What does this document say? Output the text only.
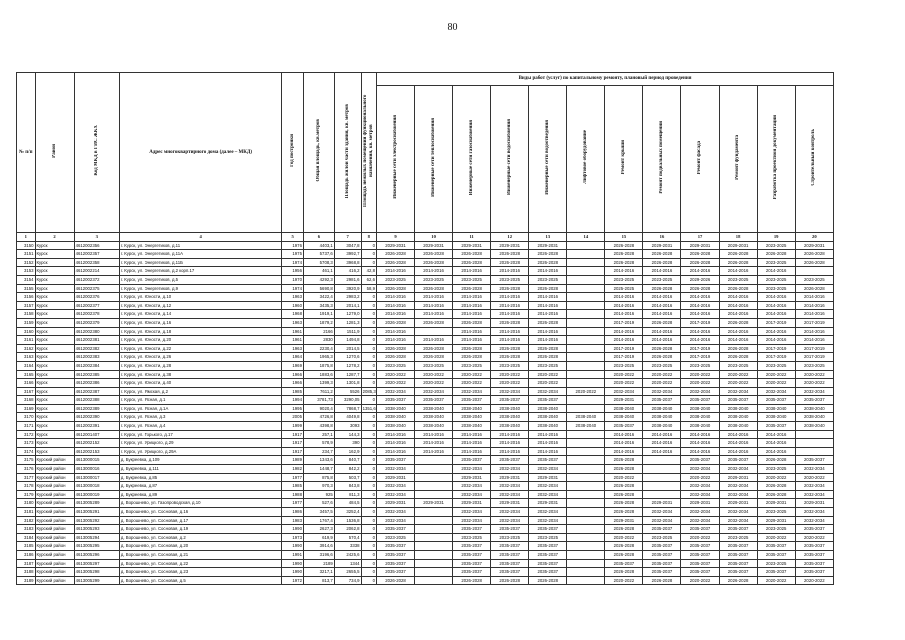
80
№ п/п	Район	Код МКД в ГИС ЖКХ	Адрес многоквартирного дома (далее – МКД)	Год постройки	Общая площадь, кв.метров	Площадь жилой части здания, кв. метров	Площадь нежилых помещений функционального назначения, кв. метров	Виды работ (услуг) по капитальному ремонту, плановый период проведения											
								Инженерные сети электроснабжения	Инженерные сети теплоснабжения	Инженерные сети газоснабжения	Инженерные сети водоснабжения	Инженерные сети водоотведения	Лифтовое оборудование	Ремонт крыши	Ремонт подвальных помещений	Ремонт фасада	Ремонт фундамента	Разработка проектной документации	Строительный контроль
1	2	3	4	5	6	7	8	9	10	11	12	13	14	15	16	17	18	19	20
3150	Курск	4612002356	г. Курск, ул. Энергетиков, д.11	1976	4403,1	3047,8	0	2029-2031	2029-2031	2029-2031	2029-2031	2029-2031		2026-2028	2029-2031	2029-2031	2029-2031	2023-2025	2029-2031
3151	Курск	4612002357	г. Курск, ул. Энергетиков, д.11А	1975	5737,6	3992,7	0	2026-2028	2026-2028	2026-2028	2026-2028	2026-2028		2026-2028	2026-2028	2026-2028	2026-2028	2026-2028	2026-2028
3152	Курск	4612002358	г. Курск, ул. Энергетиков, д.11Б	1974	5708,3	3968,8	0	2026-2028	2026-2028	2026-2028	2026-2028	2026-2028		2026-2028	2026-2028	2026-2028	2026-2028	2023-2025	2026-2028
3153	Курск	4612002214	г. Курск, ул. Энергетиков, д.2 корп.17	1956	461,1	416,2	42,8	2014-2016	2014-2016	2014-2016	2014-2016	2014-2016		2014-2016	2014-2016	2014-2016	2014-2016	2014-2016	
3154	Курск	4612002372	г. Курск, ул. Энергетиков, д.5	1970	4292,3	2981,6	62,6	2023-2025	2023-2025	2023-2025	2023-2025	2023-2025		2023-2025	2023-2025	2029-2026	2023-2025	2023-2025	2023-2025
3155	Курск	4612002375	г. Курск, ул. Энергетиков, д.9	1974	5690,8	3920,9	58,9	2026-2028	2026-2028	2026-2028	2026-2028	2026-2028		2025-2025	2026-2028	2026-2028	2026-2028	2023-2025	2026-2028
3156	Курск	4612002376	г. Курск, ул. Юности, д.10	1963	3422,4	2983,2	0	2014-2016	2014-2016	2014-2016	2014-2016	2014-2016		2014-2016	2014-2016	2014-2016	2014-2016	2014-2016	2014-2016
3157	Курск	4612002377	г. Курск, ул. Юности, д.12	1960	3435,3	2014,1	0	2014-2016	2014-2016	2014-2016	2014-2016	2014-2016		2014-2016	2014-2016	2014-2016	2014-2016	2014-2016	2014-2016
3158	Курск	4612002378	г. Курск, ул. Юности, д.14	1968	1919,1	1279,0	0	2014-2016	2014-2016	2014-2016	2014-2016	2014-2016		2014-2016	2014-2016	2014-2016	2014-2016	2014-2016	2014-2016
3159	Курск	4612002379	г. Курск, ул. Юности, д.16	1963	1879,2	1281,3	0	2026-2028	2026-2028	2026-2028	2026-2028	2026-2028		2017-2019	2026-2028	2017-2019	2026-2028	2017-2019	2017-2019
3160	Курск	4612002380	г. Курск, ул. Юности, д.18	1961	2166	1511,9	0	2014-2016		2014-2016	2014-2016	2014-2016		2014-2016	2014-2016	2014-2016	2014-2016	2014-2016	2014-2016
3161	Курск	4612002381	г. Курск, ул. Юности, д.20	1961	2830	1494,8	0	2014-2016	2014-2016	2014-2016	2014-2016	2014-2016		2014-2016	2014-2016	2014-2016	2014-2016	2014-2016	2014-2016
3162	Курск	4612002382	г. Курск, ул. Юности, д.22	1963	2230,4	2014,5	0	2026-2028	2026-2028	2026-2028	2026-2028	2026-2028		2017-2019	2026-2028	2017-2019	2026-2028	2017-2019	2017-2019
3163	Курск	4612002383	г. Курск, ул. Юности, д.26	1964	1965,3	1270,6	0	2026-2028	2026-2028	2026-2028	2026-2028	2026-2028		2017-2019	2026-2028	2017-2019	2026-2028	2017-2019	2017-2019
3164	Курск	4612002384	г. Курск, ул. Юности, д.28	1969	1875,8	1278,2	0	2023-2025	2023-2025	2023-2025	2023-2025	2023-2025		2023-2025	2023-2025	2023-2025	2023-2025	2023-2025	2023-2025
3165	Курск	4612002385	г. Курск, ул. Юности, д.38	1966	1883,6	1287,7	0	2020-2022	2020-2022	2020-2022	2020-2022	2020-2022		2020-2022	2020-2022	2020-2022	2020-2022	2020-2022	2020-2022
3166	Курск	4612002386	г. Курск, ул. Юности, д.40	1966	1399,3	1301,8	0	2020-2022	2020-2022	2020-2022	2020-2022	2020-2022		2020-2022	2020-2022	2020-2022	2020-2022	2020-2022	2020-2022
3167	Курск	4612002387	г. Курск, ул. Ямская, д.2	1985	7611,2	5526	2085,3	2032-2034	2032-2034	2032-2034	2032-2034	2032-2034	2020-2022	2032-2034	2032-2034	2032-2034	2032-2034	2032-2034	2032-2034
3168	Курск	4612002388	г. Курск, ул. Ясная, д.1	1994	3781,73	3290,05	0	2035-2037	2035-2037	2035-2037	2035-2037	2035-2037		2029-2031	2035-2037	2035-2037	2035-2037	2035-2037	2035-2037
3169	Курск	4612002389	г. Курск, ул. Ясная, д.1А	1995	9020,4	7868,7	1351,6	2038-2040	2038-2040	2038-2040	2038-2040	2038-2040		2038-2040	2038-2040	2038-2040	2038-2040	2038-2040	2038-2040
3170	Курск	4612002390	г. Курск, ул. Ясная, д.3	2005	4726,8	4049,8	0	2038-2040	2038-2040	2038-2040	2038-2040	2038-2040	2038-2040	2038-2040	2038-2040	2038-2040	2038-2040	2038-2040	2038-2040
3171	Курск	4612002391	г. Курск, ул. Ясная, д.4	1999	4398,8	3093	0	2038-2040	2038-2040	2038-2040	2038-2040	2038-2040	2038-2040	2035-2037	2038-2040	2038-2040	2038-2040	2035-2037	2038-2040
3172	Курск	4612001407	г. Курск, ул. Горького, д.17	1917	257,1	144,3	0	2014-2016	2014-2016	2014-2016	2014-2016	2014-2016		2014-2016	2014-2016	2014-2016	2014-2016	2014-2016	
3173	Курск	4612002152	г. Курск, ул. Урицкого, д.29	1917	578,9	390	0	2014-2016	2014-2016	2014-2016	2014-2016	2014-2016		2014-2016	2014-2016	2014-2016	2014-2016	2014-2016	
3174	Курск	4612002153	г. Курск, ул. Урицкого, д.29А	1917	234,7	162,9	0	2014-2016	2014-2016	2014-2016	2014-2016	2014-2016		2014-2016	2014-2016	2014-2016	2014-2016	2014-2016	
3175	Курский район	4613000015	д. Букреевка, д.109	1989	1343,6	840,7	0	2035-2037		2035-2037	2035-2037	2035-2037		2026-2028		2035-2037	2035-2037	2026-2028	2035-2037
3176	Курский район	4613000016	д. Букреевка, д.111	1982	1448,7	842,2	0	2032-2034		2032-2034	2032-2034	2032-2034		2026-2028		2032-2034	2032-2034	2023-2025	2032-2034
3177	Курский район	4613000017	д. Букреевка, д.85	1977	875,8	503,7	0	2029-2031		2029-2031	2029-2031	2029-2031		2020-2022		2020-2022	2029-2031	2020-2022	2020-2022
3178	Курский район	4613000018	д. Букреевка, д.87	1985	970,3	843,8	0	2032-2034		2032-2034	2032-2034	2032-2034		2026-2028		2032-2034	2032-2034	2026-2028	2032-2034
3179	Курский район	4613000019	д. Букреевка, д.89	1988	925	811,3	0	2032-2034		2032-2034	2032-2034	2032-2034		2026-2028		2032-2034	2032-2034	2026-2028	2032-2034
3180	Курский район	4613005289	д. Ворошнево, ул. Газопроводская, д.10	1977	527,6	484,5	0	2029-2031	2029-2031	2029-2031	2029-2031	2029-2031		2026-2028	2029-2031	2029-2031	2029-2031	2029-2031	2029-2031
3181	Курский район	4613005291	д. Ворошнево, ул. Сосновая, д.16	1986	3457,5	3252,4	0	2032-2034		2032-2034	2032-2034	2032-2034		2026-2028	2032-2034	2032-2034	2032-2034	2023-2025	2032-2034
3182	Курский район	4613005292	д. Ворошнево, ул. Сосновая, д.17	1983	1767,4	1536,8	0	2032-2034		2032-2034	2032-2034	2032-2034		2029-2031	2032-2034	2032-2034	2032-2034	2029-2031	2032-2034
3183	Курский район	4613005293	д. Ворошнево, ул. Сосновая, д.19	1990	2627,3	2062,8	0	2035-2037		2035-2037	2035-2037	2035-2037		2026-2028	2035-2037	2035-2037	2035-2037	2023-2025	2035-2037
3184	Курский район	4613005294	д. Ворошнево, ул. Сосновая, д.2	1973	619,9	570,4	0	2023-2025		2023-2025	2023-2025	2023-2025		2020-2022	2023-2025	2020-2022	2023-2025	2020-2022	2020-2022
3185	Курский район	4613005295	д. Ворошнево, ул. Сосновая, д.20	1990	3914,6	3338	0	2035-2037		2035-2037	2035-2037	2035-2037		2026-2028	2035-2037	2035-2037	2035-2037	2035-2037	2035-2037
3186	Курский район	4613005296	д. Ворошнево, ул. Сосновая, д.21	1991	3196,6	2425,6	0	2035-2037		2035-2037	2035-2037	2035-2037		2026-2028	2035-2037	2035-2037	2035-2037	2035-2037	2035-2037
3187	Курский район	4613005297	д. Ворошнево, ул. Сосновая, д.22	1990	2189	1344	0	2035-2037		2035-2037	2035-2037	2035-2037		2035-2037	2035-2037	2035-2037	2035-2037	2023-2025	2035-2037
3188	Курский район	4613005298	д. Ворошнево, ул. Сосновая, д.23	1990	3217,1	2655,5	0	2035-2037		2035-2037	2035-2037	2035-2037		2026-2028	2035-2037	2035-2037	2035-2037	2035-2037	2035-2037
3189	Курский район	4613005299	д. Ворошнево, ул. Сосновая, д.5	1972	813,7	734,9	0	2026-2028		2026-2028	2026-2028	2026-2028		2020-2022	2026-2028	2020-2022	2026-2028	2020-2022	2020-2022
